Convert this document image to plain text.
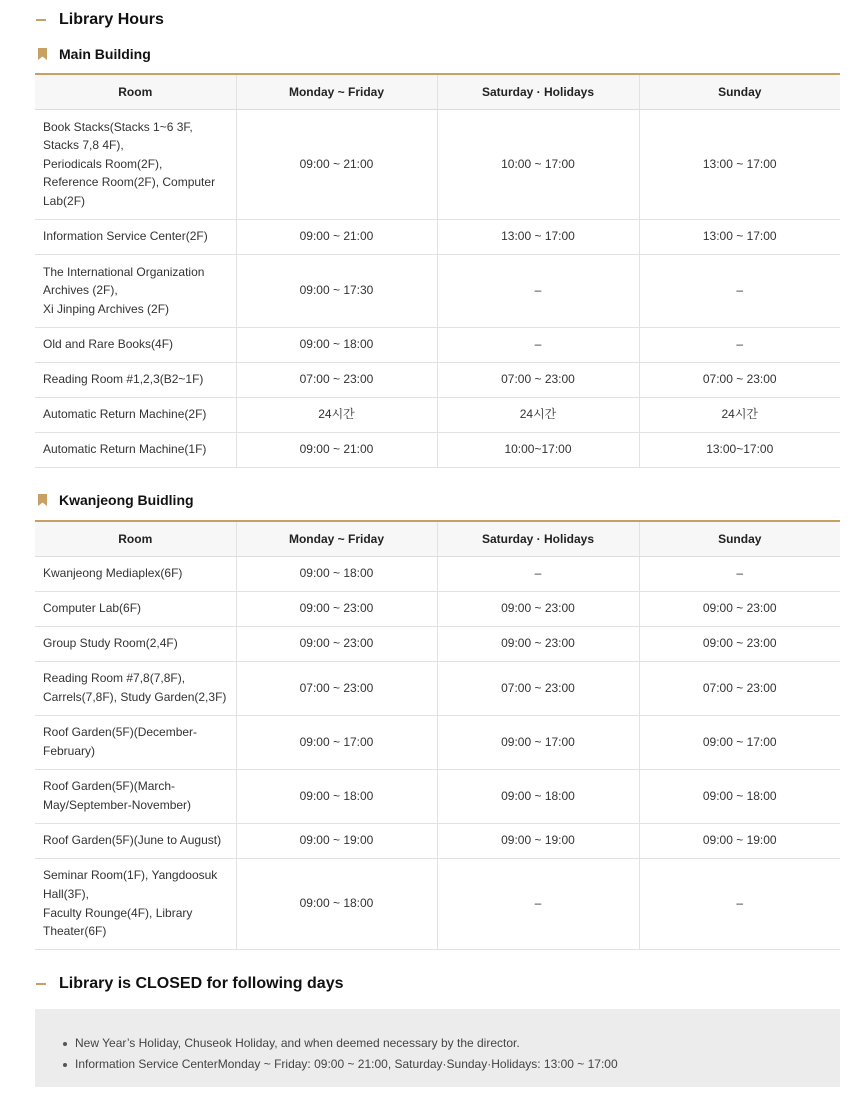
Library Hours
Main Building
Room	Monday ~ Friday	Saturday · Holidays	Sunday
Book Stacks(Stacks 1~6 3F, Stacks 7,8 4F),
Periodicals Room(2F),
Reference Room(2F), Computer Lab(2F)	09:00 ~ 21:00	10:00 ~ 17:00	13:00 ~ 17:00
Information Service Center(2F)	09:00 ~ 21:00	13:00 ~ 17:00	13:00 ~ 17:00
The International Organization Archives (2F),
Xi Jinping Archives (2F)	09:00 ~ 17:30	–	–
Old and Rare Books(4F)	09:00 ~ 18:00	–	–
Reading Room #1,2,3(B2~1F)	07:00 ~ 23:00	07:00 ~ 23:00	07:00 ~ 23:00
Automatic Return Machine(2F)	24시간	24시간	24시간
Automatic Return Machine(1F)	09:00 ~ 21:00	10:00~17:00	13:00~17:00
Kwanjeong Buidling
Room	Monday ~ Friday	Saturday · Holidays	Sunday
Kwanjeong Mediaplex(6F)	09:00 ~ 18:00	–	–
Computer Lab(6F)	09:00 ~ 23:00	09:00 ~ 23:00	09:00 ~ 23:00
Group Study Room(2,4F)	09:00 ~ 23:00	09:00 ~ 23:00	09:00 ~ 23:00
Reading Room #7,8(7,8F),
Carrels(7,8F), Study Garden(2,3F)	07:00 ~ 23:00	07:00 ~ 23:00	07:00 ~ 23:00
Roof Garden(5F)(December-February)	09:00 ~ 17:00	09:00 ~ 17:00	09:00 ~ 17:00
Roof Garden(5F)(March-May/September-November)	09:00 ~ 18:00	09:00 ~ 18:00	09:00 ~ 18:00
Roof Garden(5F)(June to August)	09:00 ~ 19:00	09:00 ~ 19:00	09:00 ~ 19:00
Seminar Room(1F), Yangdoosuk Hall(3F),
Faculty Rounge(4F), Library Theater(6F)	09:00 ~ 18:00	–	–
Library is CLOSED for following days
New Year’s Holiday, Chuseok Holiday, and when deemed necessary by the director.
Information Service CenterMonday ~ Friday: 09:00 ~ 21:00, Saturday·Sunday·Holidays: 13:00 ~ 17:00
